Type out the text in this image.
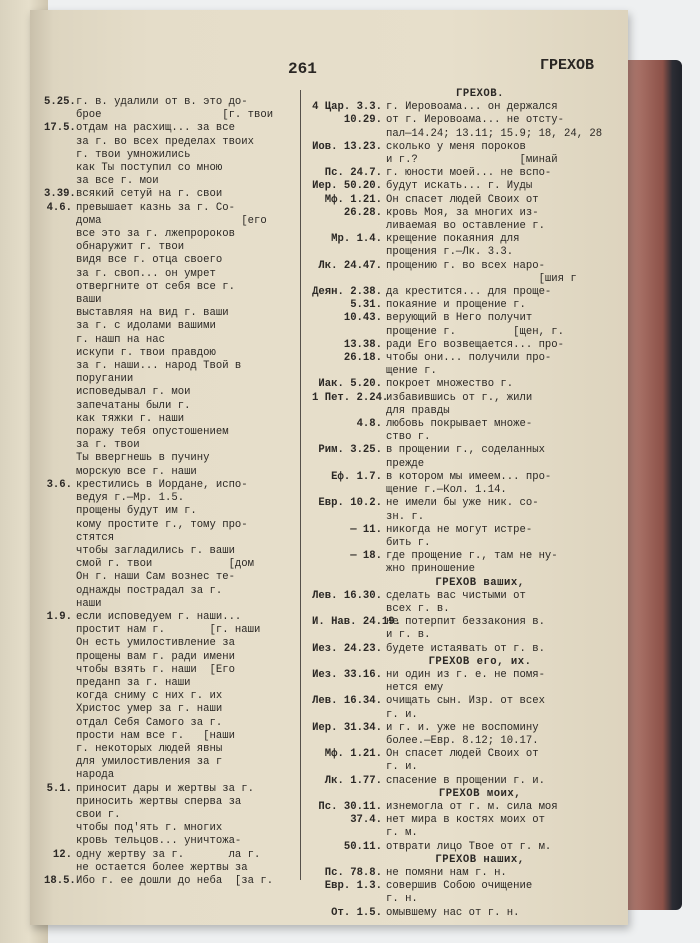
261	ГРЕХОВ
5.25. г. в. удалили от в. это до-
брое                   [г. твои
17.5. отдам на расхищ... за все
за г. во всех пределах твоих
г. твои умножились
как Ты поступил со мною
за все г. мои
3.39. всякий сетуй на г. свои
4.6. превышает казнь за г. Со-
дома                      [его
все это за г. лжепророков
обнаружит г. твои
видя все г. отца своего
за г. своп... он умрет
отвергните от себя все г.
ваши
выставляя на вид г. ваши
за г. с идолами вашими
г. нашп на нас
искупи г. твои правдою
за г. наши... народ Твой в
поругании
исповедывал г. мои
запечатаны были г.
как тяжки г. наши
поражу тебя опустошением
за г. твои
Ты ввергнешь в пучину
морскую все г. наши
3.6. крестились в Иордане, испо-
ведуя г.—Мр. 1.5.
прощены будут им г.
кому простите г., тому про-
стятся
чтобы загладились г. ваши
смой г. твои            [дом
Он г. наши Сам вознес те-
однажды пострадал за г.
наши
1.9. если исповедуем г. наши...
простит нам г.       [г. наши
Он есть умилостивление за
прощены вам г. ради имени
чтобы взять г. наши  [Его
преданп за г. наши
когда сниму с них г. их
Христос умер за г. наши
отдал Себя Самого за г.
прости нам все г.   [наши
г. некоторых людей явны
для умилостивления за г
народа
5.1. приносит дары и жертвы за г.
приносить жертвы сперва за
свои г.
чтобы под'ять г. многих
кровь тельцов... уничтожа-
12. одну жертву за г.       ла г.
не остается более жертвы за
18.5. Ибо г. ее дошли до неба  [за г.
ГРЕХОВ.
4 Цар. 3.3. г. Иеровоама... он держался
10.29. от г. Иеровоама... не отсту-
пал—14.24; 13.11; 15.9; 18, 24, 28
Иов. 13.23. сколько у меня пороков
и г.?                [минай
Пс. 24.7. г. юности моей... не вспо-
Иер. 50.20. будут искать... г. Иуды
Мф. 1.21. Он спасет людей Своих от
26.28. кровь Моя, за многих из-
ливаемая во оставление г.
Мр. 1.4. крещение покаяния для
прощения г.—Лк. 3.3.
Лк. 24.47. прощению г. во всех наро-
[шия г
Деян. 2.38. да крестится... для проще-
5.31. покаяние и прощение г.
10.43. верующий в Него получит
прощение г.         [щен, г.
13.38. ради Его возвещается... про-
26.18. чтобы они... получили про-
щение г.
Иак. 5.20. покроет множество г.
1 Пет. 2.24.
избавившись от г., жили
для правды
4.8. любовь покрывает множе-
ство г.
Рим. 3.25. в прощении г., соделанных
прежде
Еф. 1.7. в котором мы имеем... про-
щение г.—Кол. 1.14.
Евр. 10.2. не имели бы уже ник. со-
зн. г.
— 11. никогда не могут истре-
бить г.
— 18. где прощение г., там не ну-
жно приношение
ГРЕХОВ ваших,
Лев. 16.30. сделать вас чистыми от
всех г. в.
И. Нав. 24.19.
не потерпит беззакония в.
и г. в.
Иез. 24.23. будете истаявать от г. в.
ГРЕХОВ его, их.
Иез. 33.16. ни один из г. е. не помя-
нется ему
Лев. 16.34. очищать сын. Изр. от всех
г. и.
Иер. 31.34. и г. и. уже не воспомину
более.—Евр. 8.12; 10.17.
Мф. 1.21. Он спасет людей Своих от
г. и.
Лк. 1.77. спасение в прощении г. и.
ГРЕХОВ моих,
Пс. 30.11. изнемогла от г. м. сила моя
37.4. нет мира в костях моих от
г. м.
50.11. отврати лицо Твое от г. м.
ГРЕХОВ наших,
Пс. 78.8. не помяни нам г. н.
Евр. 1.3. совершив Собою очищение
г. н.
От. 1.5. омывшему нас от г. н.
